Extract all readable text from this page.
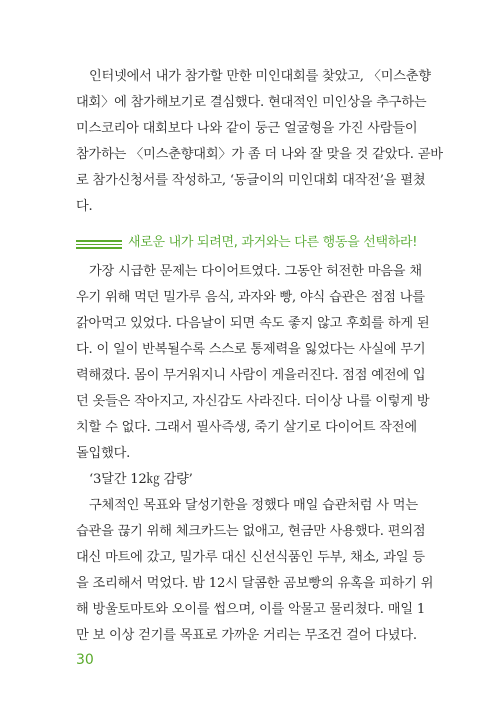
　인터넷에서 내가 참가할 만한 미인대회를 찾았고, 〈미스춘향
대회〉에 참가해보기로 결심했다. 현대적인 미인상을 추구하는
미스코리아 대회보다 나와 같이 둥근 얼굴형을 가진 사람들이
참가하는 〈미스춘향대회〉가 좀 더 나와 잘 맞을 것 같았다. 곧바
로 참가신청서를 작성하고, ‘동글이의 미인대회 대작전’을 펼쳤
다.
새로운 내가 되려면, 과거와는 다른 행동을 선택하라!
　가장 시급한 문제는 다이어트였다. 그동안 허전한 마음을 채
우기 위해 먹던 밀가루 음식, 과자와 빵, 야식 습관은 점점 나를
갉아먹고 있었다. 다음날이 되면 속도 좋지 않고 후회를 하게 된
다. 이 일이 반복될수록 스스로 통제력을 잃었다는 사실에 무기
력해졌다. 몸이 무거워지니 사람이 게을러진다. 점점 예전에 입
던 옷들은 작아지고, 자신감도 사라진다. 더이상 나를 이렇게 방
치할 수 없다. 그래서 필사즉생, 죽기 살기로 다이어트 작전에
돌입했다.
　‘3달간 12㎏ 감량’
　구체적인 목표와 달성기한을 정했다 매일 습관처럼 사 먹는
습관을 끊기 위해 체크카드는 없애고, 현금만 사용했다. 편의점
대신 마트에 갔고, 밀가루 대신 신선식품인 두부, 채소, 과일 등
을 조리해서 먹었다. 밤 12시 달콤한 곰보빵의 유혹을 피하기 위
해 방울토마토와 오이를 썹으며, 이를 악물고 물리쳤다. 매일 1
만 보 이상 걷기를 목표로 가까운 거리는 무조건 걸어 다녔다.
30
